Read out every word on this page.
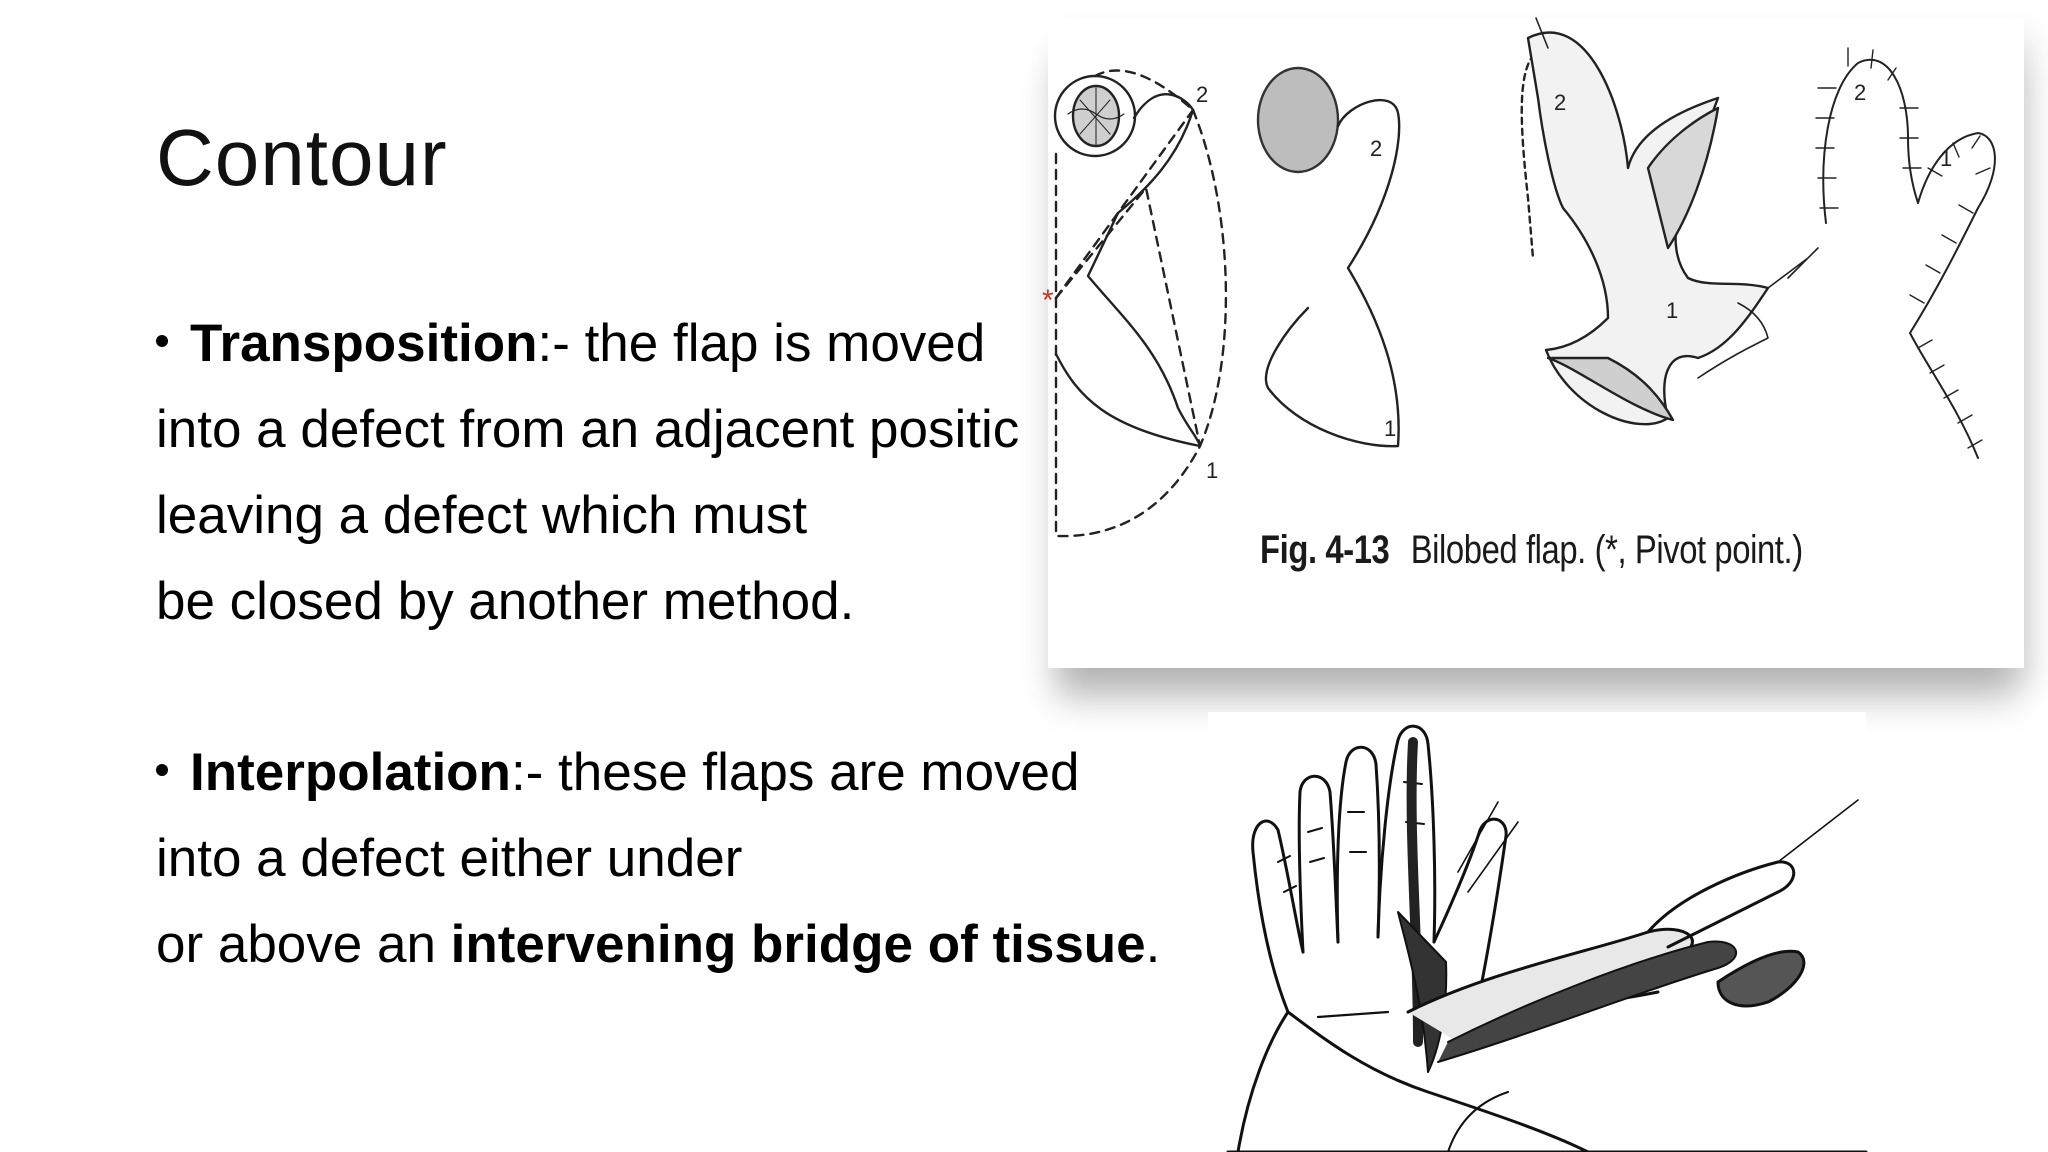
Contour
Transposition:- the flap is moved
into a defect from an adjacent positic
leaving a defect which must
be closed by another method.
2
1
2
1
2
1
2
1
*
Fig. 4-13 Bilobed flap. (*, Pivot point.)
Interpolation:- these flaps are moved
into a defect either under
or above an intervening bridge of tissue.
